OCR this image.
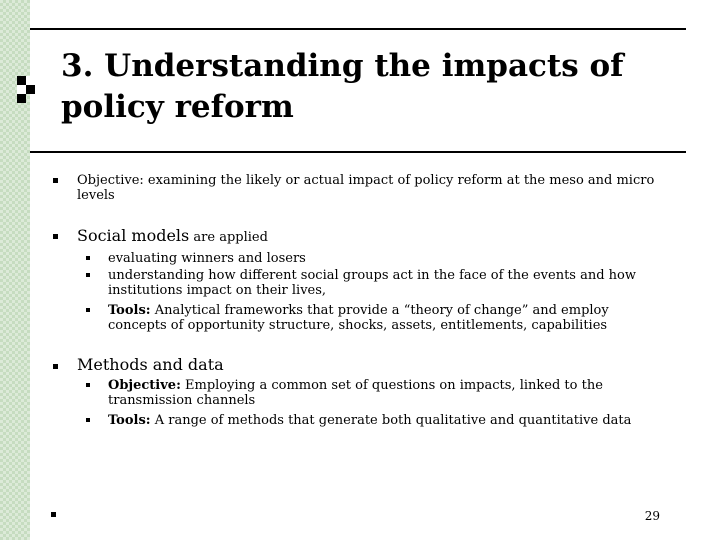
3. Understanding the impacts of policy reform
Objective: examining the likely or actual impact of policy reform at the meso and micro levels
Social models are applied
evaluating winners and losers
understanding how different social groups act in the face of the events and how institutions impact on their lives,
Tools: Analytical frameworks that provide a “theory of change” and employ concepts of opportunity structure, shocks, assets, entitlements, capabilities
Methods and data
Objective: Employing a common set of questions on impacts, linked to the transmission channels
Tools: A range of methods that generate both qualitative and quantitative data
29
